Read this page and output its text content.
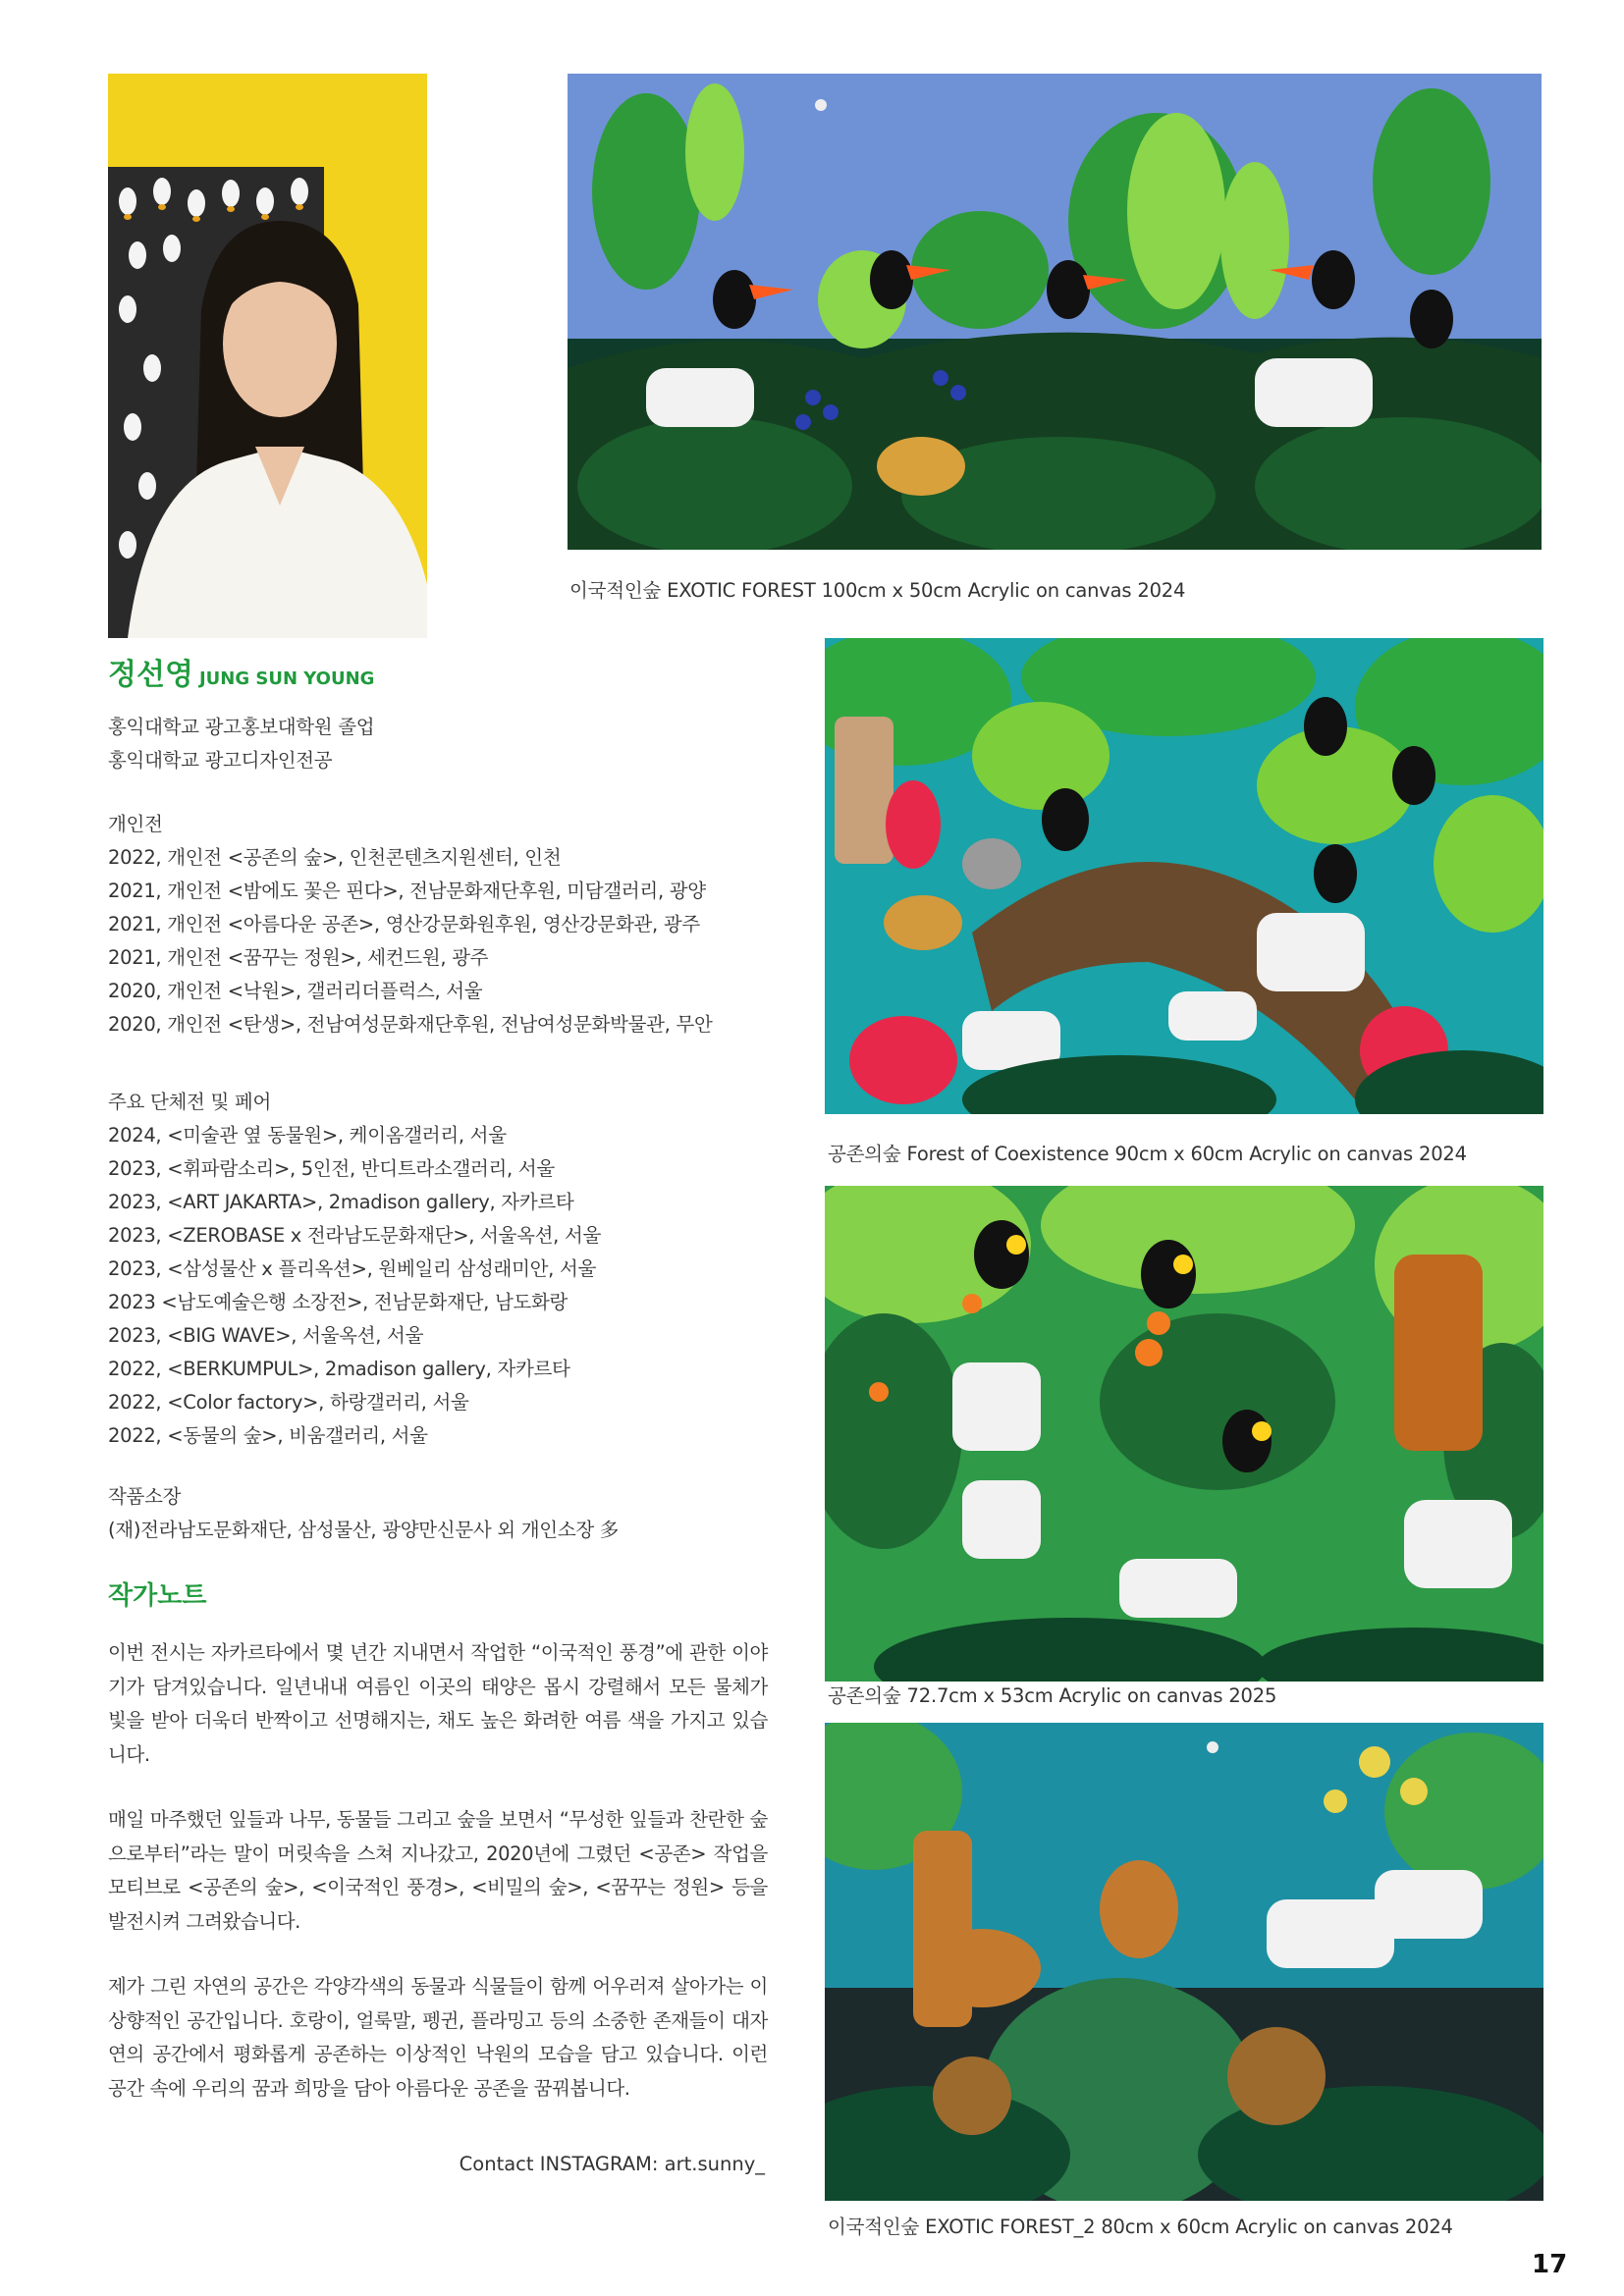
이국적인숲 EXOTIC FOREST 100cm x 50cm Acrylic on canvas 2024
공존의숲 Forest of Coexistence 90cm x 60cm Acrylic on canvas 2024
공존의숲 72.7cm x 53cm Acrylic on canvas 2025
이국적인숲 EXOTIC FOREST_2 80cm x 60cm Acrylic on canvas 2024
정선영 JUNG SUN YOUNG
홍익대학교 광고홍보대학원 졸업
홍익대학교 광고디자인전공
개인전
2022, 개인전 <공존의 숲>, 인천콘텐츠지원센터, 인천
2021, 개인전 <밤에도 꽃은 핀다>, 전남문화재단후원, 미담갤러리, 광양
2021, 개인전 <아름다운 공존>, 영산강문화원후원, 영산강문화관, 광주
2021, 개인전 <꿈꾸는 정원>, 세컨드원, 광주
2020, 개인전 <낙원>, 갤러리더플럭스, 서울
2020, 개인전 <탄생>, 전남여성문화재단후원, 전남여성문화박물관, 무안
주요 단체전 및 페어
2024, <미술관 옆 동물원>, 케이옴갤러리, 서울
2023, <휘파람소리>, 5인전, 반디트라소갤러리, 서울
2023, <ART JAKARTA>, 2madison gallery, 자카르타
2023, <ZEROBASE x 전라남도문화재단>, 서울옥션, 서울
2023, <삼성물산 x 플리옥션>, 원베일리 삼성래미안, 서울
2023 <남도예술은행 소장전>, 전남문화재단, 남도화랑
2023, <BIG WAVE>, 서울옥션, 서울
2022, <BERKUMPUL>, 2madison gallery, 자카르타
2022, <Color factory>, 하랑갤러리, 서울
2022, <동물의 숲>, 비움갤러리, 서울
작품소장
(재)전라남도문화재단, 삼성물산, 광양만신문사 외 개인소장 多
작가노트
이번 전시는 자카르타에서 몇 년간 지내면서 작업한 “이국적인 풍경”에 관한 이야기가 담겨있습니다. 일년내내 여름인 이곳의 태양은 몹시 강렬해서 모든 물체가 빛을 받아 더욱더 반짝이고 선명해지는, 채도 높은 화려한 여름 색을 가지고 있습니다.
매일 마주했던 잎들과 나무, 동물들 그리고 숲을 보면서 “무성한 잎들과 찬란한 숲으로부터”라는 말이 머릿속을 스쳐 지나갔고, 2020년에 그렸던 <공존> 작업을 모티브로 <공존의 숲>, <이국적인 풍경>, <비밀의 숲>, <꿈꾸는 정원> 등을 발전시켜 그려왔습니다.
제가 그린 자연의 공간은 각양각색의 동물과 식물들이 함께 어우러져 살아가는 이상향적인 공간입니다. 호랑이, 얼룩말, 펭귄, 플라밍고 등의 소중한 존재들이 대자연의 공간에서 평화롭게 공존하는 이상적인 낙원의 모습을 담고 있습니다. 이런 공간 속에 우리의 꿈과 희망을 담아 아름다운 공존을 꿈꿔봅니다.
Contact INSTAGRAM: art.sunny_
17
